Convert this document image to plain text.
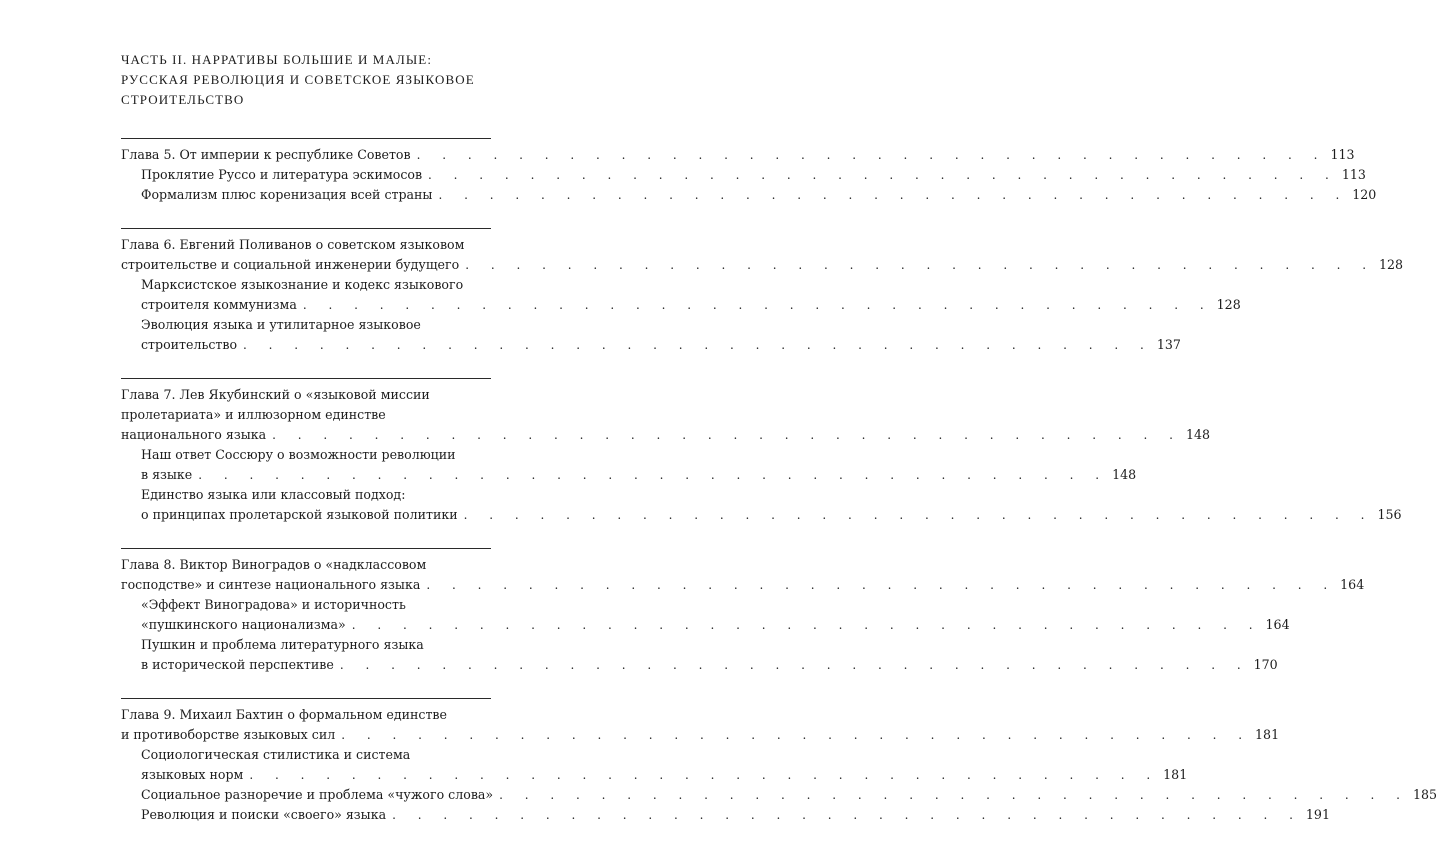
ЧАСТЬ II. НАРРАТИВЫ БОЛЬШИЕ И МАЛЫЕ:
РУССКАЯ РЕВОЛЮЦИЯ И СОВЕТСКОЕ ЯЗЫКОВОЕ
СТРОИТЕЛЬСТВО
Глава 5. От империи к республике Советов . . . . . . . . . . . . . . . . . . . . . . . . . . . . . . . . . . . . 113
Проклятие Руссо и литература эскимосов . . . . . . . . . . . . . . . . . . . . . . . . . . . . . . . . . . . . 113
Формализм плюс коренизация всей страны . . . . . . . . . . . . . . . . . . . . . . . . . . . . . . . . . . . . 120
Глава 6. Евгений Поливанов о советском языковом
строительстве и социальной инженерии будущего . . . . . . . . . . . . . . . . . . . . . . . . . . . . . . . . . . . . 128
Марксистское языкознание и кодекс языкового
строителя коммунизма . . . . . . . . . . . . . . . . . . . . . . . . . . . . . . . . . . . . 128
Эволюция языка и утилитарное языковое
строительство . . . . . . . . . . . . . . . . . . . . . . . . . . . . . . . . . . . . 137
Глава 7. Лев Якубинский о «языковой миссии
пролетариата» и иллюзорном единстве
национального языка . . . . . . . . . . . . . . . . . . . . . . . . . . . . . . . . . . . . 148
Наш ответ Соссюру о возможности революции
в языке . . . . . . . . . . . . . . . . . . . . . . . . . . . . . . . . . . . . 148
Единство языка или классовый подход:
о принципах пролетарской языковой политики . . . . . . . . . . . . . . . . . . . . . . . . . . . . . . . . . . . . 156
Глава 8. Виктор Виноградов о «надклассовом
господстве» и синтезе национального языка . . . . . . . . . . . . . . . . . . . . . . . . . . . . . . . . . . . . 164
«Эффект Виноградова» и историчность
«пушкинского национализма» . . . . . . . . . . . . . . . . . . . . . . . . . . . . . . . . . . . . 164
Пушкин и проблема литературного языка
в исторической перспективе . . . . . . . . . . . . . . . . . . . . . . . . . . . . . . . . . . . . 170
Глава 9. Михаил Бахтин о формальном единстве
и противоборстве языковых сил . . . . . . . . . . . . . . . . . . . . . . . . . . . . . . . . . . . . 181
Социологическая стилистика и система
языковых норм . . . . . . . . . . . . . . . . . . . . . . . . . . . . . . . . . . . . 181
Социальное разноречие и проблема «чужого слова» . . . . . . . . . . . . . . . . . . . . . . . . . . . . . . . . . . . . 185
Революция и поиски «своего» языка . . . . . . . . . . . . . . . . . . . . . . . . . . . . . . . . . . . . 191
